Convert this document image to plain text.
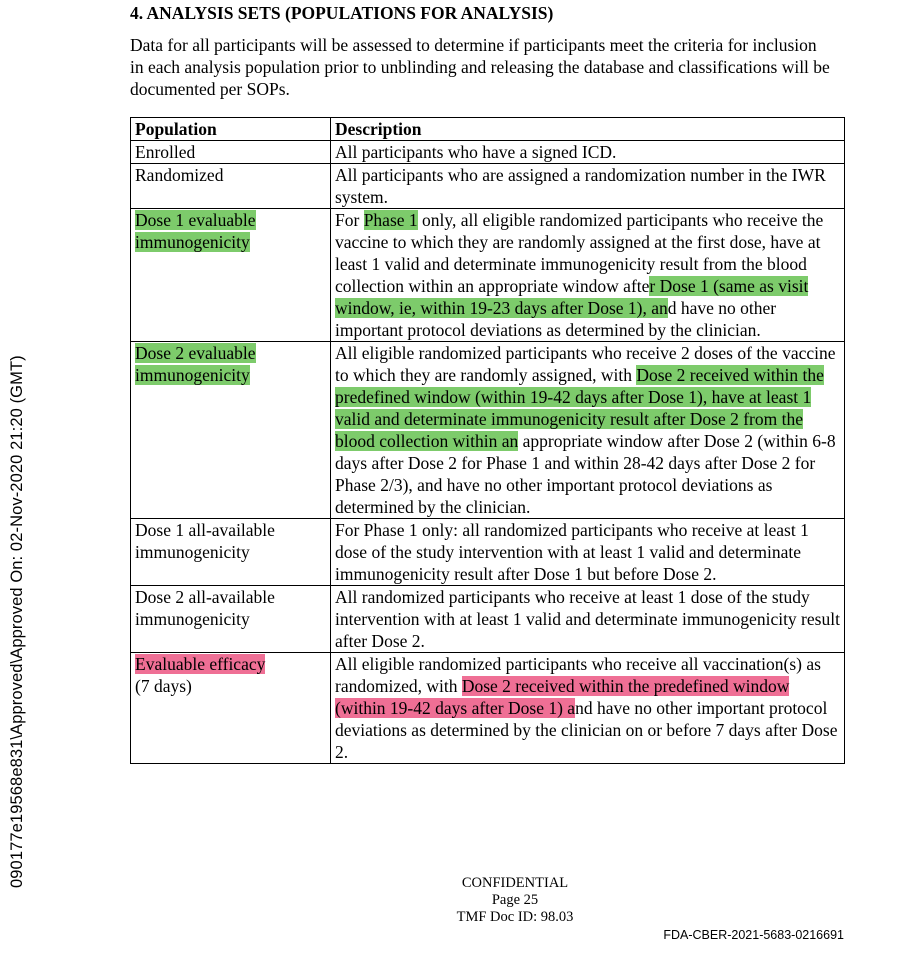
090177e19568e831\Approved\Approved On: 02-Nov-2020 21:20 (GMT)
4. ANALYSIS SETS (POPULATIONS FOR ANALYSIS)
Data for all participants will be assessed to determine if participants meet the criteria for inclusion in each analysis population prior to unblinding and releasing the database and classifications will be documented per SOPs.
Population	Description
Enrolled	All participants who have a signed ICD.
Randomized	All participants who are assigned a randomization number in the IWR system.
Dose 1 evaluable immunogenicity	For Phase 1 only, all eligible randomized participants who receive the vaccine to which they are randomly assigned at the first dose, have at least 1 valid and determinate immunogenicity result from the blood collection within an appropriate window after Dose 1 (same as visit window, ie, within 19-23 days after Dose 1), and have no other important protocol deviations as determined by the clinician.
Dose 2 evaluable immunogenicity	All eligible randomized participants who receive 2 doses of the vaccine to which they are randomly assigned, with Dose 2 received within the predefined window (within 19-42 days after Dose 1), have at least 1 valid and determinate immunogenicity result after Dose 2 from the blood collection within an appropriate window after Dose 2 (within 6-8 days after Dose 2 for Phase 1 and within 28-42 days after Dose 2 for Phase 2/3), and have no other important protocol deviations as determined by the clinician.
Dose 1 all-available immunogenicity	For Phase 1 only: all randomized participants who receive at least 1 dose of the study intervention with at least 1 valid and determinate immunogenicity result after Dose 1 but before Dose 2.
Dose 2 all-available immunogenicity	All randomized participants who receive at least 1 dose of the study intervention with at least 1 valid and determinate immunogenicity result after Dose 2.
Evaluable efficacy
(7 days)	All eligible randomized participants who receive all vaccination(s) as randomized, with Dose 2 received within the predefined window (within 19-42 days after Dose 1) and have no other important protocol deviations as determined by the clinician on or before 7 days after Dose 2.
CONFIDENTIAL
Page 25
TMF Doc ID: 98.03
FDA-CBER-2021-5683-0216691
